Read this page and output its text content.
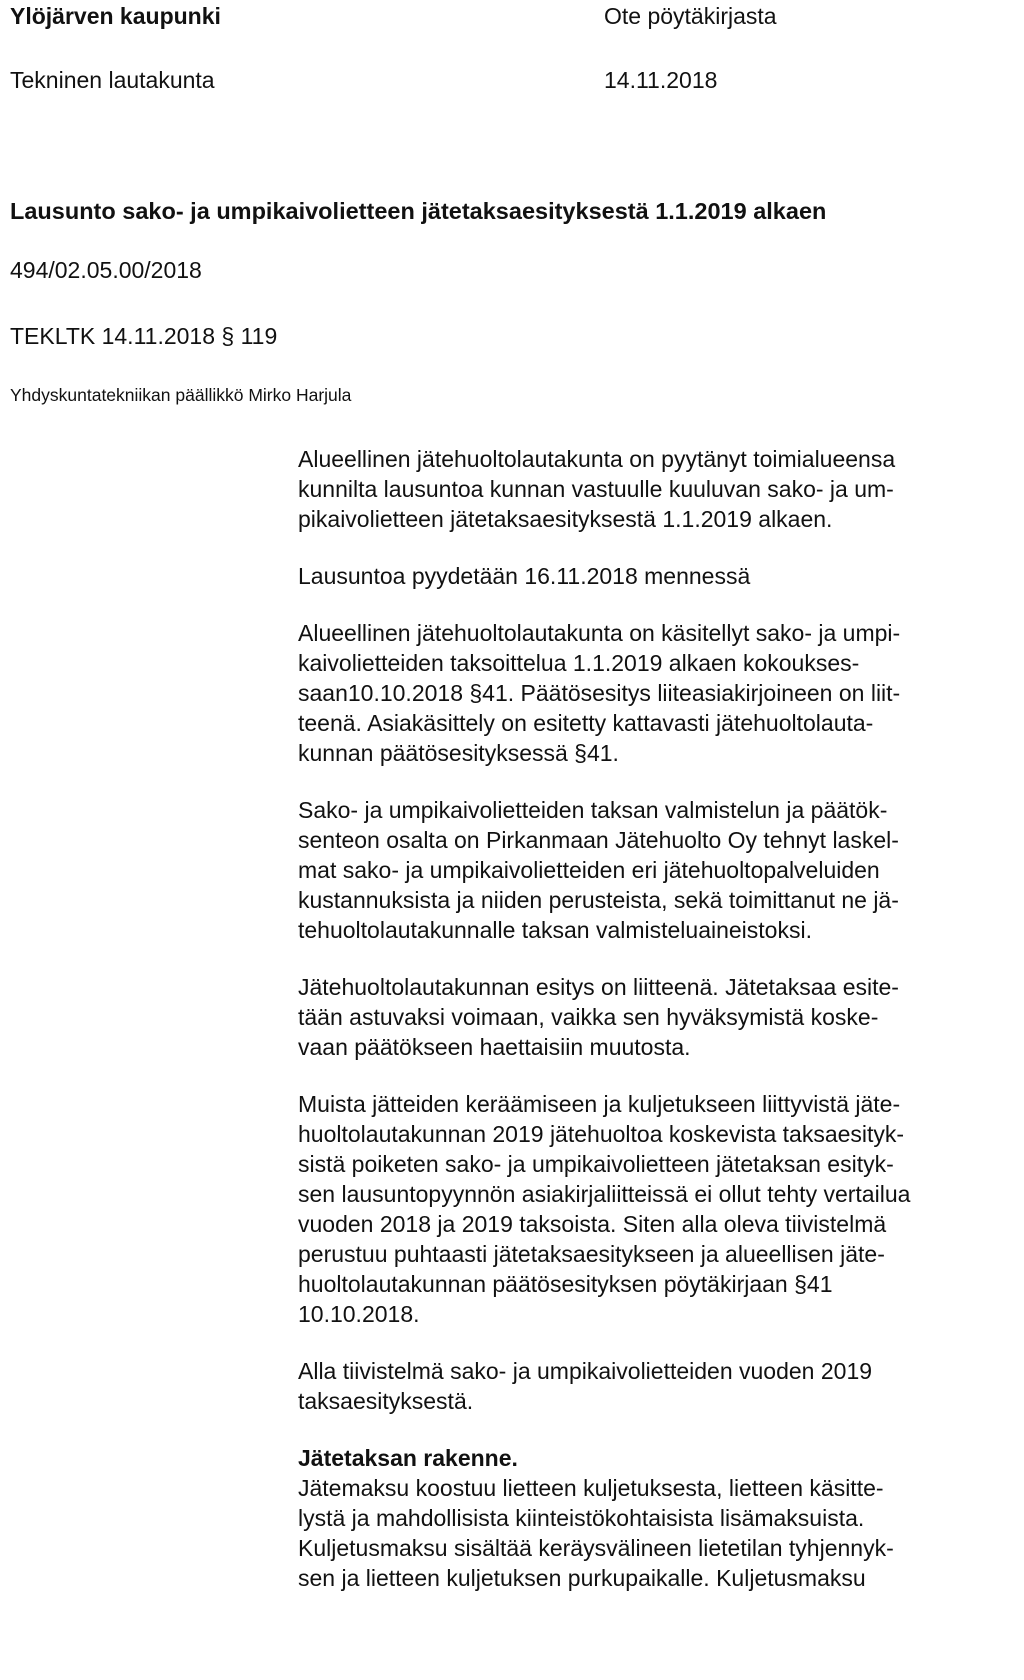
Ylöjärven kaupunki
Tekninen lautakunta
Ote pöytäkirjasta
14.11.2018
Lausunto sako- ja umpikaivolietteen jätetaksaesityksestä 1.1.2019 alkaen
494/02.05.00/2018
TEKLTK 14.11.2018 § 119
Yhdyskuntatekniikan päällikkö Mirko Harjula
Alueellinen jätehuoltolautakunta on pyytänyt toimialueensa
kunnilta lausuntoa kunnan vastuulle kuuluvan sako- ja um-
pikaivolietteen jätetaksaesityksestä 1.1.2019 alkaen.
Lausuntoa pyydetään 16.11.2018 mennessä
Alueellinen jätehuoltolautakunta on käsitellyt sako- ja umpi-
kaivolietteiden taksoittelua 1.1.2019 alkaen kokoukses-
saan10.10.2018 §41. Päätösesitys liiteasiakirjoineen on liit-
teenä. Asiakäsittely on esitetty kattavasti jätehuoltolauta-
kunnan päätösesityksessä §41.
Sako- ja umpikaivolietteiden taksan valmistelun ja päätök-
senteon osalta on Pirkanmaan Jätehuolto Oy tehnyt laskel-
mat sako- ja umpikaivolietteiden eri jätehuoltopalveluiden
kustannuksista ja niiden perusteista, sekä toimittanut ne jä-
tehuoltolautakunnalle taksan valmisteluaineistoksi.
Jätehuoltolautakunnan esitys on liitteenä. Jätetaksaa esite-
tään astuvaksi voimaan, vaikka sen hyväksymistä koske-
vaan päätökseen haettaisiin muutosta.
Muista jätteiden keräämiseen ja kuljetukseen liittyvistä jäte-
huoltolautakunnan 2019 jätehuoltoa koskevista taksaesityk-
sistä poiketen sako- ja umpikaivolietteen jätetaksan esityk-
sen lausuntopyynnön asiakirjaliitteissä ei ollut tehty vertailua
vuoden 2018 ja 2019 taksoista. Siten alla oleva tiivistelmä
perustuu puhtaasti jätetaksaesitykseen ja alueellisen jäte-
huoltolautakunnan päätösesityksen pöytäkirjaan §41
10.10.2018.
Alla tiivistelmä sako- ja umpikaivolietteiden vuoden 2019
taksaesityksestä.
Jätetaksan rakenne.
Jätemaksu koostuu lietteen kuljetuksesta, lietteen käsitte-
lystä ja mahdollisista kiinteistökohtaisista lisämaksuista.
Kuljetusmaksu sisältää keräysvälineen lietetilan tyhjennyk-
sen ja lietteen kuljetuksen purkupaikalle. Kuljetusmaksu
